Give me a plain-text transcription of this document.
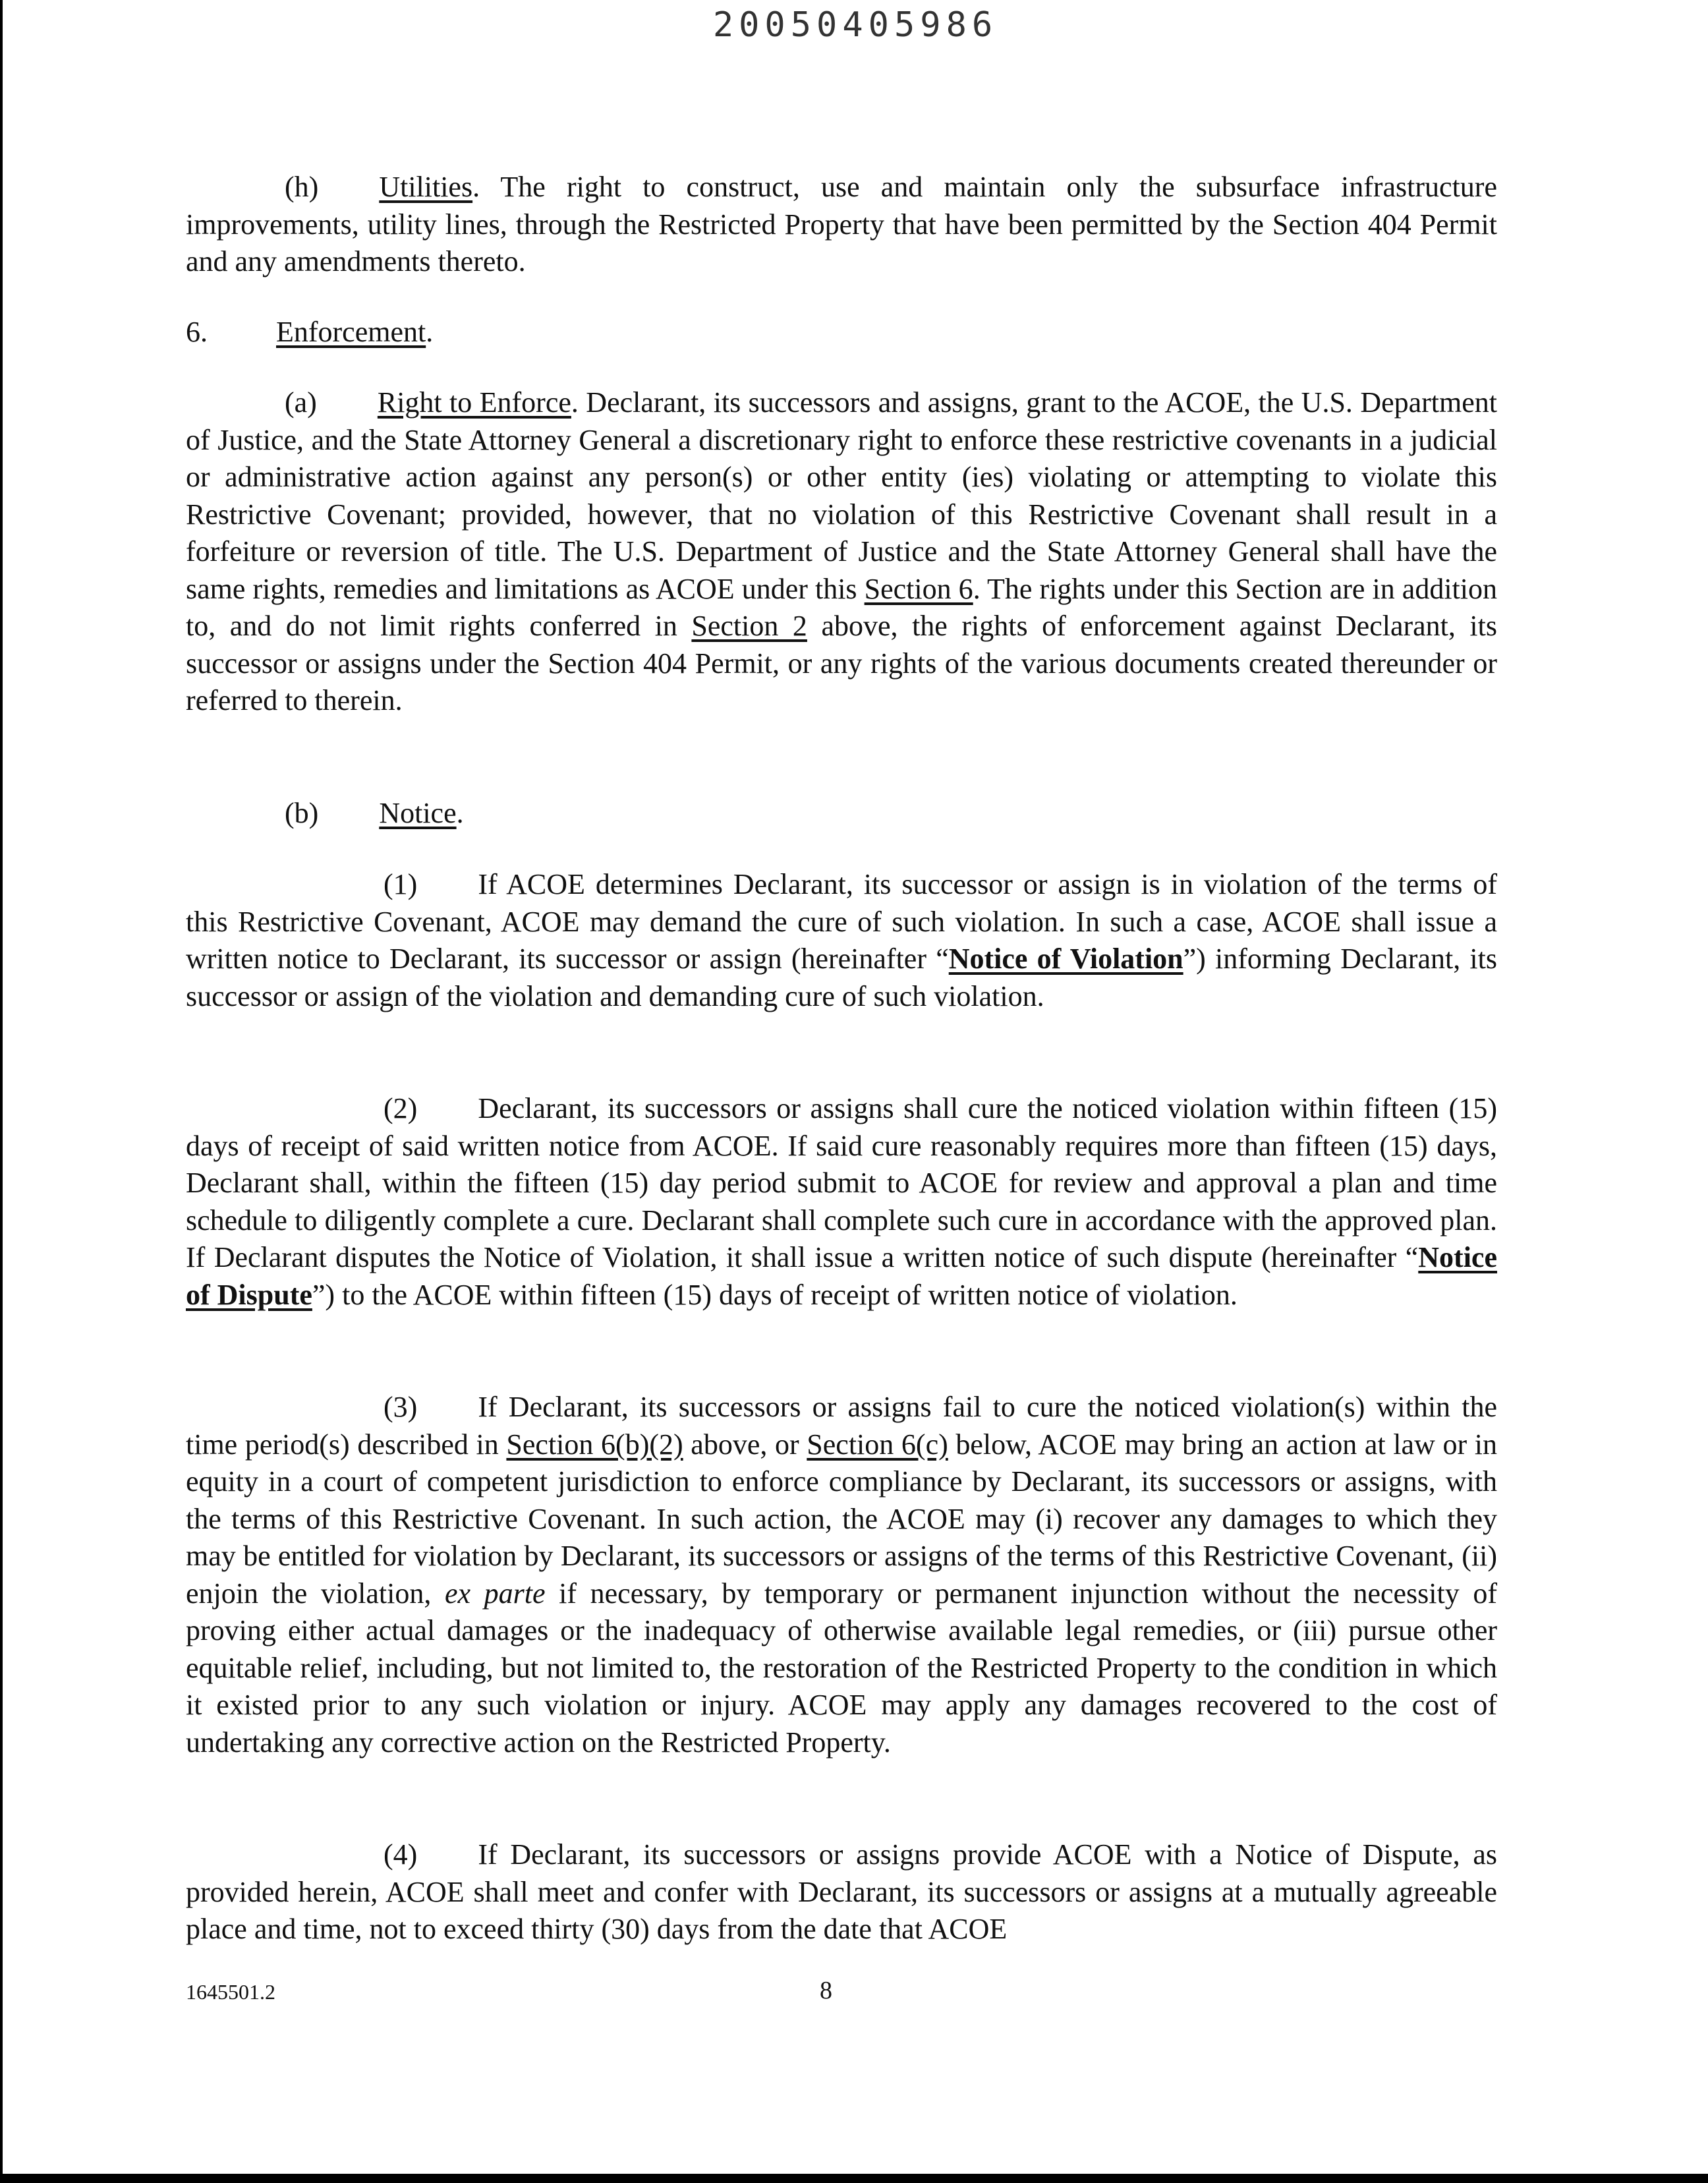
20050405986

(h) Utilities. The right to construct, use and maintain only the subsurface infrastructure improvements, utility lines, through the Restricted Property that have been permitted by the Section 404 Permit and any amendments thereto.

6. Enforcement.

(a) Right to Enforce. Declarant, its successors and assigns, grant to the ACOE, the U.S. Department of Justice, and the State Attorney General a discretionary right to enforce these restrictive covenants in a judicial or administrative action against any person(s) or other entity (ies) violating or attempting to violate this Restrictive Covenant; provided, however, that no violation of this Restrictive Covenant shall result in a forfeiture or reversion of title. The U.S. Department of Justice and the State Attorney General shall have the same rights, remedies and limitations as ACOE under this Section 6. The rights under this Section are in addition to, and do not limit rights conferred in Section 2 above, the rights of enforcement against Declarant, its successor or assigns under the Section 404 Permit, or any rights of the various documents created thereunder or referred to therein.

(b) Notice.

(1) If ACOE determines Declarant, its successor or assign is in violation of the terms of this Restrictive Covenant, ACOE may demand the cure of such violation. In such a case, ACOE shall issue a written notice to Declarant, its successor or assign (hereinafter “Notice of Violation”) informing Declarant, its successor or assign of the violation and demanding cure of such violation.

(2) Declarant, its successors or assigns shall cure the noticed violation within fifteen (15) days of receipt of said written notice from ACOE. If said cure reasonably requires more than fifteen (15) days, Declarant shall, within the fifteen (15) day period submit to ACOE for review and approval a plan and time schedule to diligently complete a cure. Declarant shall complete such cure in accordance with the approved plan. If Declarant disputes the Notice of Violation, it shall issue a written notice of such dispute (hereinafter “Notice of Dispute”) to the ACOE within fifteen (15) days of receipt of written notice of violation.

(3) If Declarant, its successors or assigns fail to cure the noticed violation(s) within the time period(s) described in Section 6(b)(2) above, or Section 6(c) below, ACOE may bring an action at law or in equity in a court of competent jurisdiction to enforce compliance by Declarant, its successors or assigns, with the terms of this Restrictive Covenant. In such action, the ACOE may (i) recover any damages to which they may be entitled for violation by Declarant, its successors or assigns of the terms of this Restrictive Covenant, (ii) enjoin the violation, ex parte if necessary, by temporary or permanent injunction without the necessity of proving either actual damages or the inadequacy of otherwise available legal remedies, or (iii) pursue other equitable relief, including, but not limited to, the restoration of the Restricted Property to the condition in which it existed prior to any such violation or injury. ACOE may apply any damages recovered to the cost of undertaking any corrective action on the Restricted Property.

(4) If Declarant, its successors or assigns provide ACOE with a Notice of Dispute, as provided herein, ACOE shall meet and confer with Declarant, its successors or assigns at a mutually agreeable place and time, not to exceed thirty (30) days from the date that ACOE

1645501.2	8
